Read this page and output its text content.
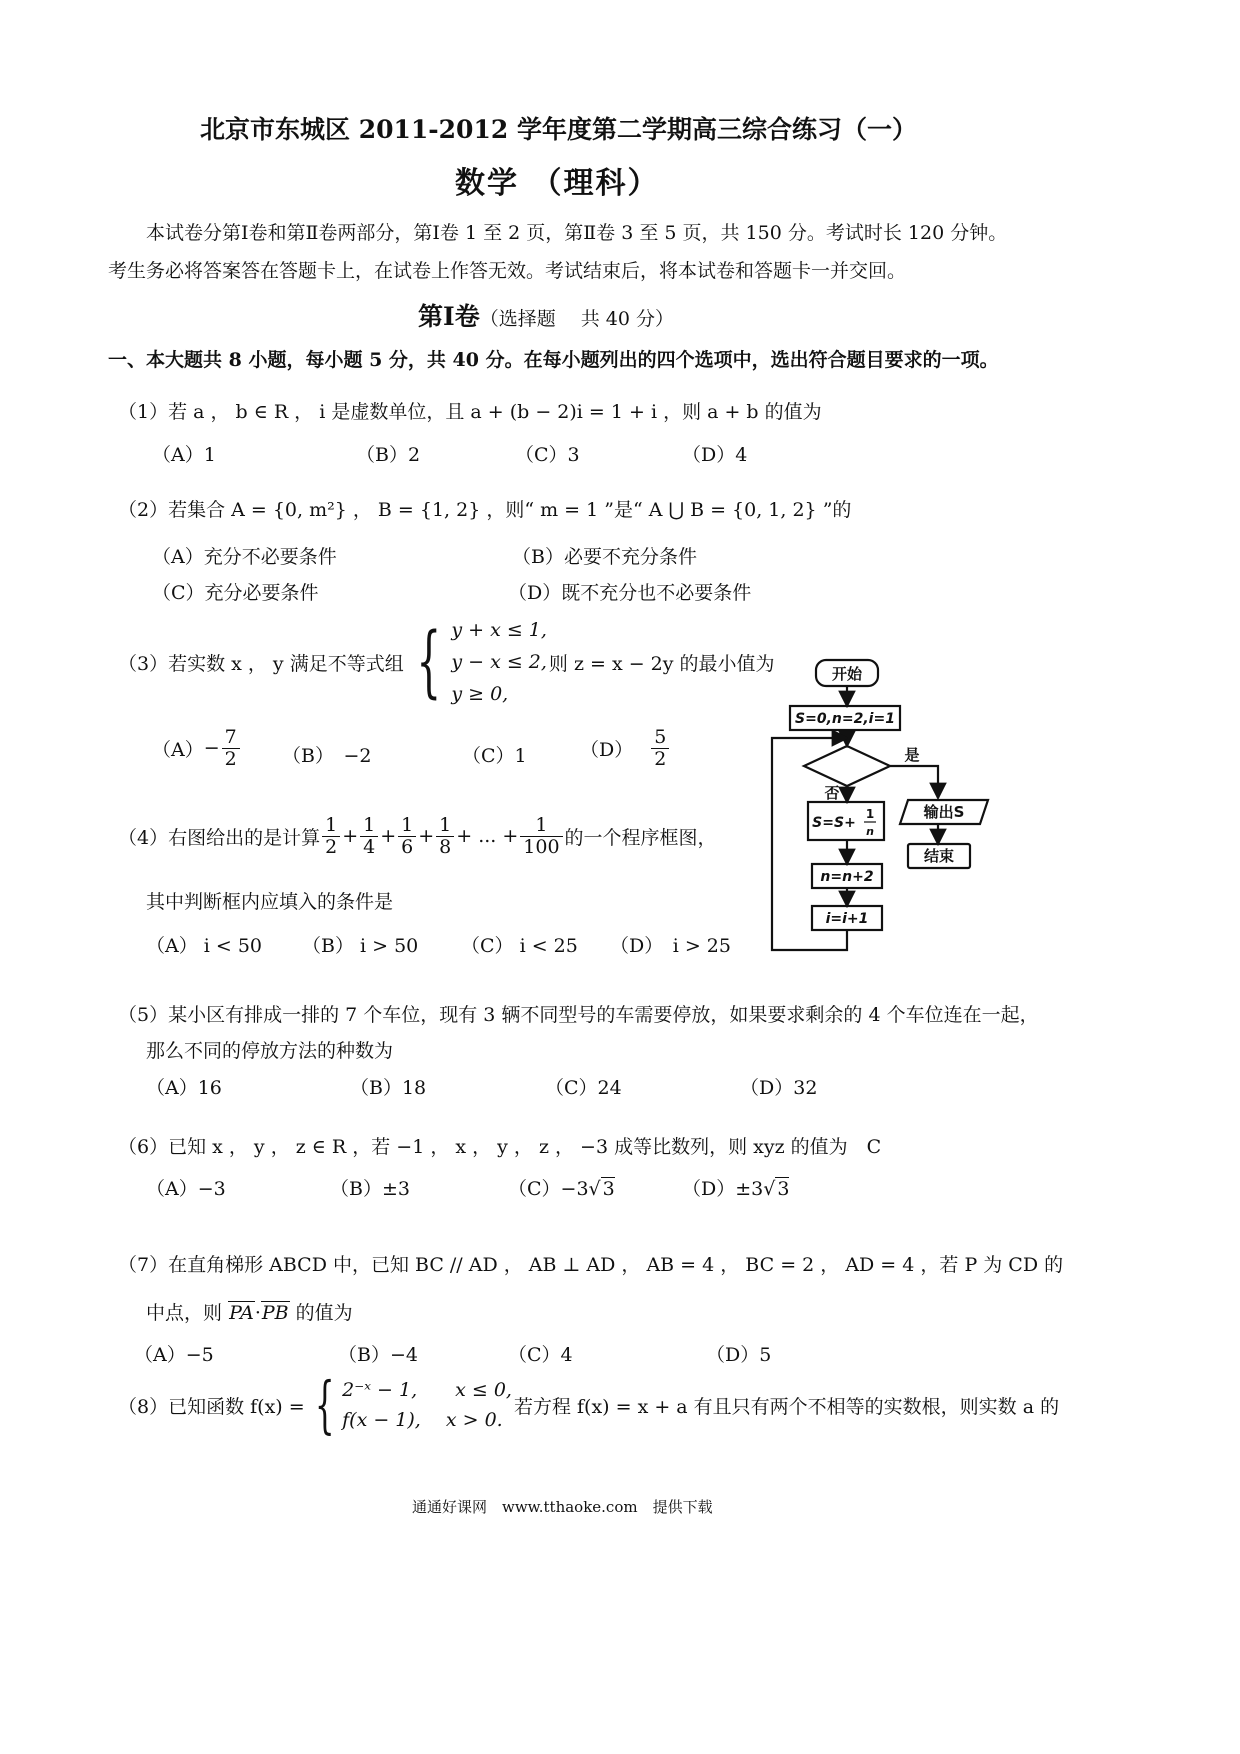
北京市东城区 2011-2012 学年度第二学期高三综合练习（一）
数学 （理科）
本试卷分第Ⅰ卷和第Ⅱ卷两部分，第Ⅰ卷 1 至 2 页，第Ⅱ卷 3 至 5 页，共 150 分。考试时长 120 分钟。
考生务必将答案答在答题卡上，在试卷上作答无效。考试结束后，将本试卷和答题卡一并交回。
第Ⅰ卷（选择题　 共 40 分）
一、本大题共 8 小题，每小题 5 分，共 40 分。在每小题列出的四个选项中，选出符合题目要求的一项。
（1）若 a ， b ∈ R ， i 是虚数单位，且 a + (b − 2)i = 1 + i ，则 a + b 的值为
（A）1	（B）2	（C）3	（D）4
（2）若集合 A = {0, m²} ， B = {1, 2} ，则“ m = 1 ”是“ A ⋃ B = {0, 1, 2} ”的
（A）充分不必要条件	（B）必要不充分条件
（C）充分必要条件	（D）既不充分也不必要条件
（3）若实数 x ， y 满足不等式组 { y + x ≤ 1,
y − x ≤ 2,
y ≥ 0,
则 z = x − 2y 的最小值为
$(A) - \frac{7}{2} (B)$　−2	（C）1	$(D) \frac{5}{2}$
（4）右图给出的是计算 $\frac{1}{2} + \frac{1}{4} + \frac{1}{6} + \frac{1}{8}$ + ... + $\frac{1}{100}$ 的一个程序框图，
其中判断框内应填入的条件是
（A） i < 50 （B） i > 50 （C） i < 25 （D）　i > 25
开始
S=0,n=2,i=1
是
否
S=S+
1
n
n=n+2
i=i+1
输出S
结束
（5）某小区有排成一排的 7 个车位，现有 3 辆不同型号的车需要停放，如果要求剩余的 4 个车位连在一起，
那么不同的停放方法的种数为
（A）16	（B）18	（C）24	（D）32
（6）已知 x ， y ， z ∈ R ，若 −1 ， x ， y ， z ， −3 成等比数列，则 xyz 的值为　C
（A）−3	（B）±3	（C）−3√ 3	（D）±3√ 3
（7）在直角梯形 ABCD 中，已知 BC // AD ， AB ⊥ AD ， AB = 4 ， BC = 2 ， AD = 4 ，若 P 为 CD 的
中点，则 PA·PB 的值为
（A）−5	（B）−4	（C）4	（D）5
（8）已知函数 f(x) = { 2⁻ˣ − 1,　　x ≤ 0,
f(x − 1),　 x > 0.
若方程 f(x) = x + a 有且只有两个不相等的实数根，则实数 a 的
通通好课网　www.tthaoke.com　提供下载
